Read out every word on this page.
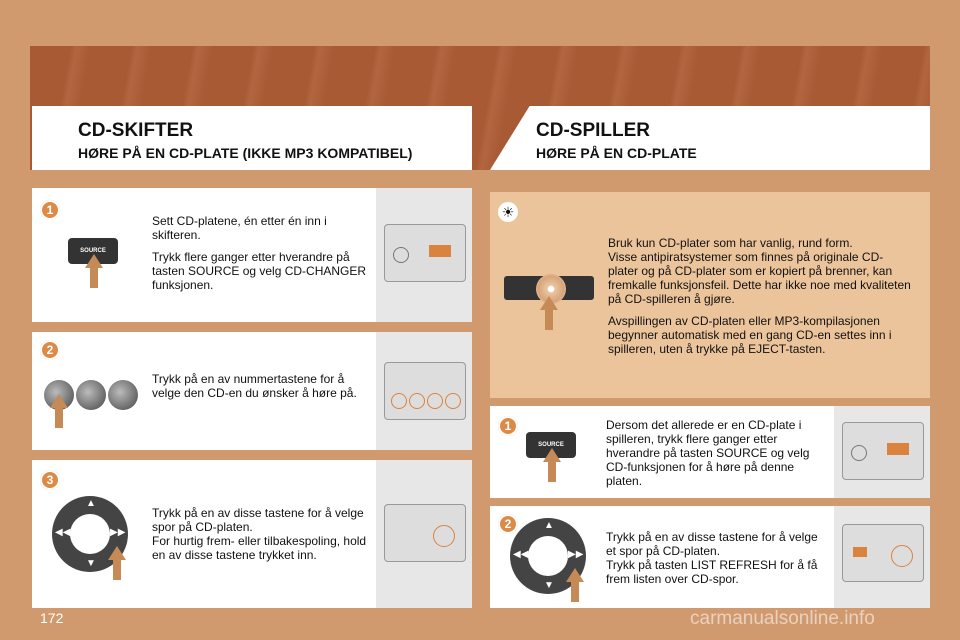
CD-SKIFTER
HØRE PÅ EN CD-PLATE (IKKE MP3 KOMPATIBEL)
CD-SPILLER
HØRE PÅ EN CD-PLATE
1
SOURCE

Sett CD-platene, én etter én inn i skifteren.

Trykk flere ganger etter hverandre på tasten SOURCE og velg CD-CHANGER funksjonen.

2

Trykk på en av nummertastene for å velge den CD-en du ønsker å høre på.

3
▲
▼
◀◀	▶▶

Trykk på en av disse tastene for å velge spor på CD-platen.
For hurtig frem- eller tilbakespoling, hold en av disse tastene trykket inn.

☀

Bruk kun CD-plater som har vanlig, rund form.
Visse antipiratsystemer som finnes på originale CD-plater og på CD-plater som er kopiert på brenner, kan fremkalle funksjonsfeil. Dette har ikke noe med kvaliteten på CD-spilleren å gjøre.

Avspillingen av CD-platen eller MP3-kompilasjonen begynner automatisk med en gang CD-en settes inn i spilleren, uten å trykke på EJECT-tasten.

1
SOURCE

Dersom det allerede er en CD-plate i spilleren, trykk flere ganger etter hverandre på tasten SOURCE og velg CD-funksjonen for å høre på denne platen.

2	▲
▼
◀◀	▶▶

Trykk på en av disse tastene for å velge et spor på CD-platen.
Trykk på tasten LIST REFRESH for å få frem listen over CD-spor.

172	carmanualsonline.info
